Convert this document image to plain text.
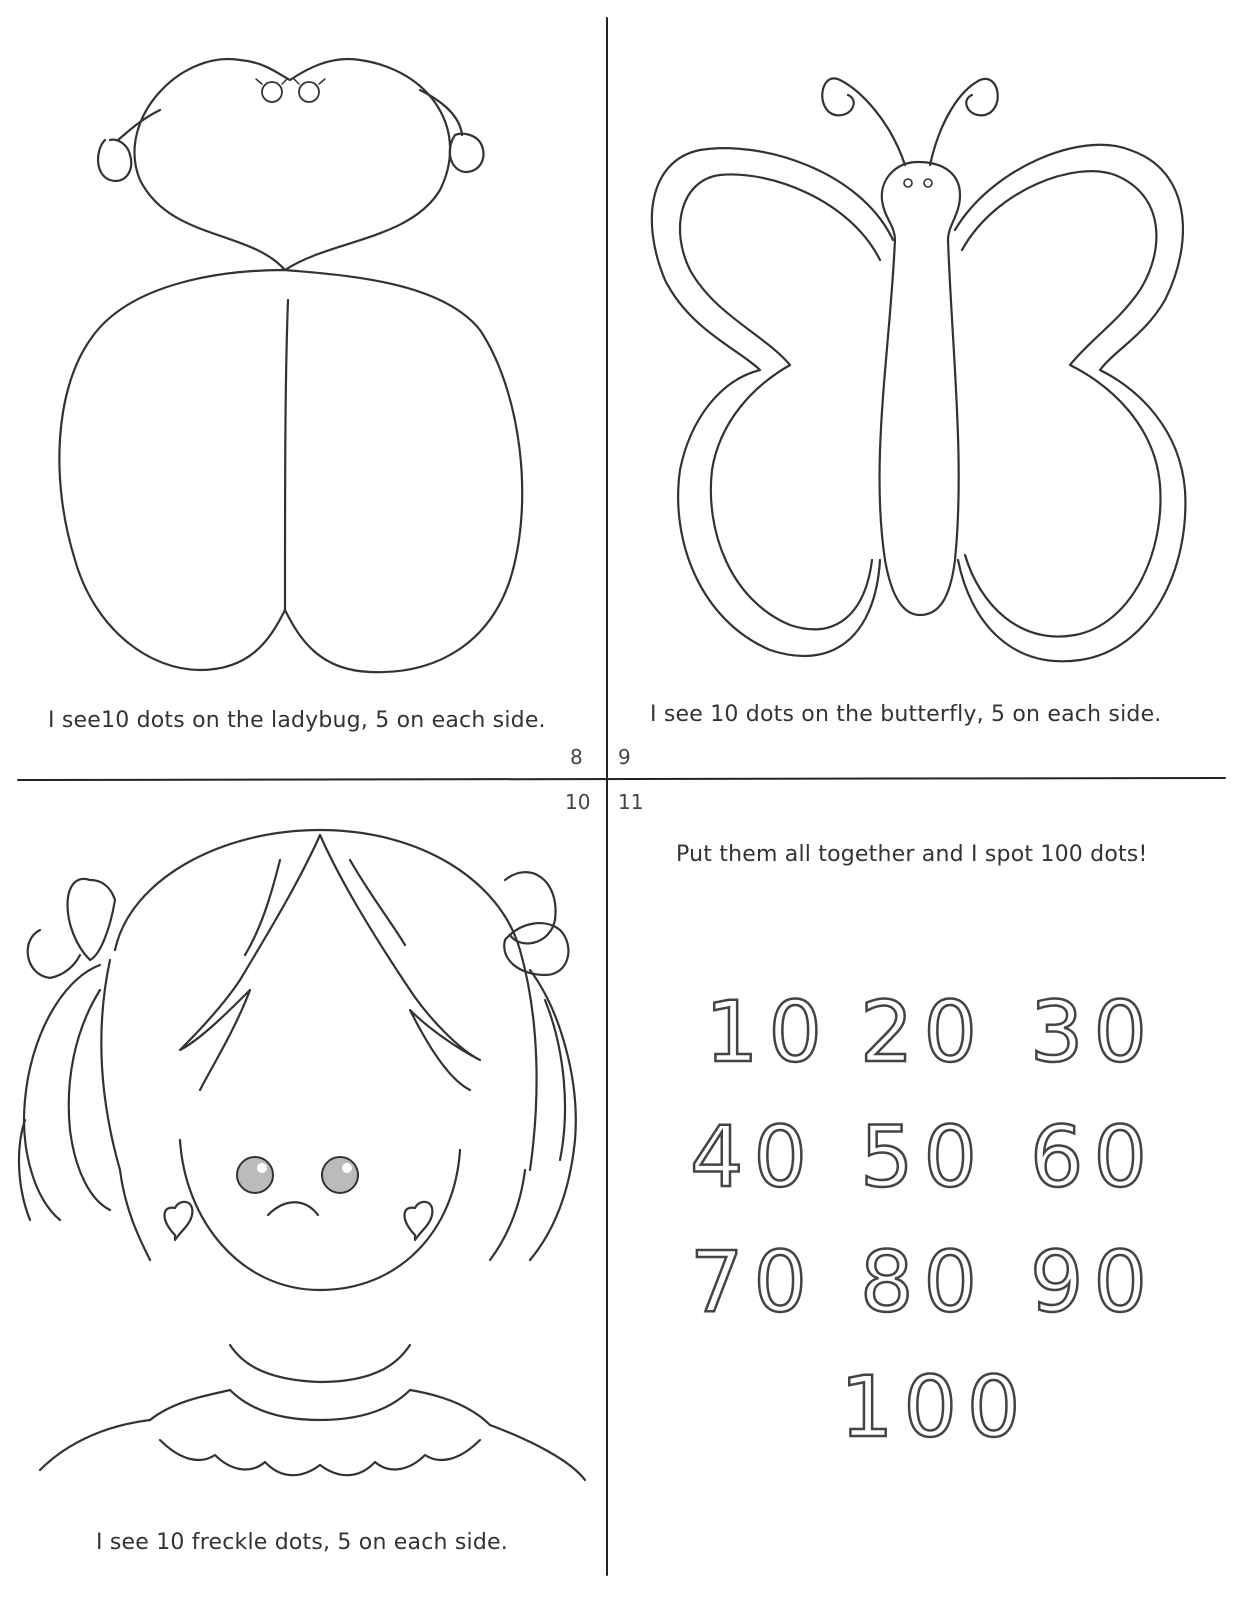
I see10 dots on the ladybug, 5 on each side.	I see 10 dots on the butterfly, 5 on each side.
I see 10 freckle dots, 5 on each side.
Put them all together and I spot 100 dots!
8 9
10 11
10 20 30
40 50 60
70 80 90
100
